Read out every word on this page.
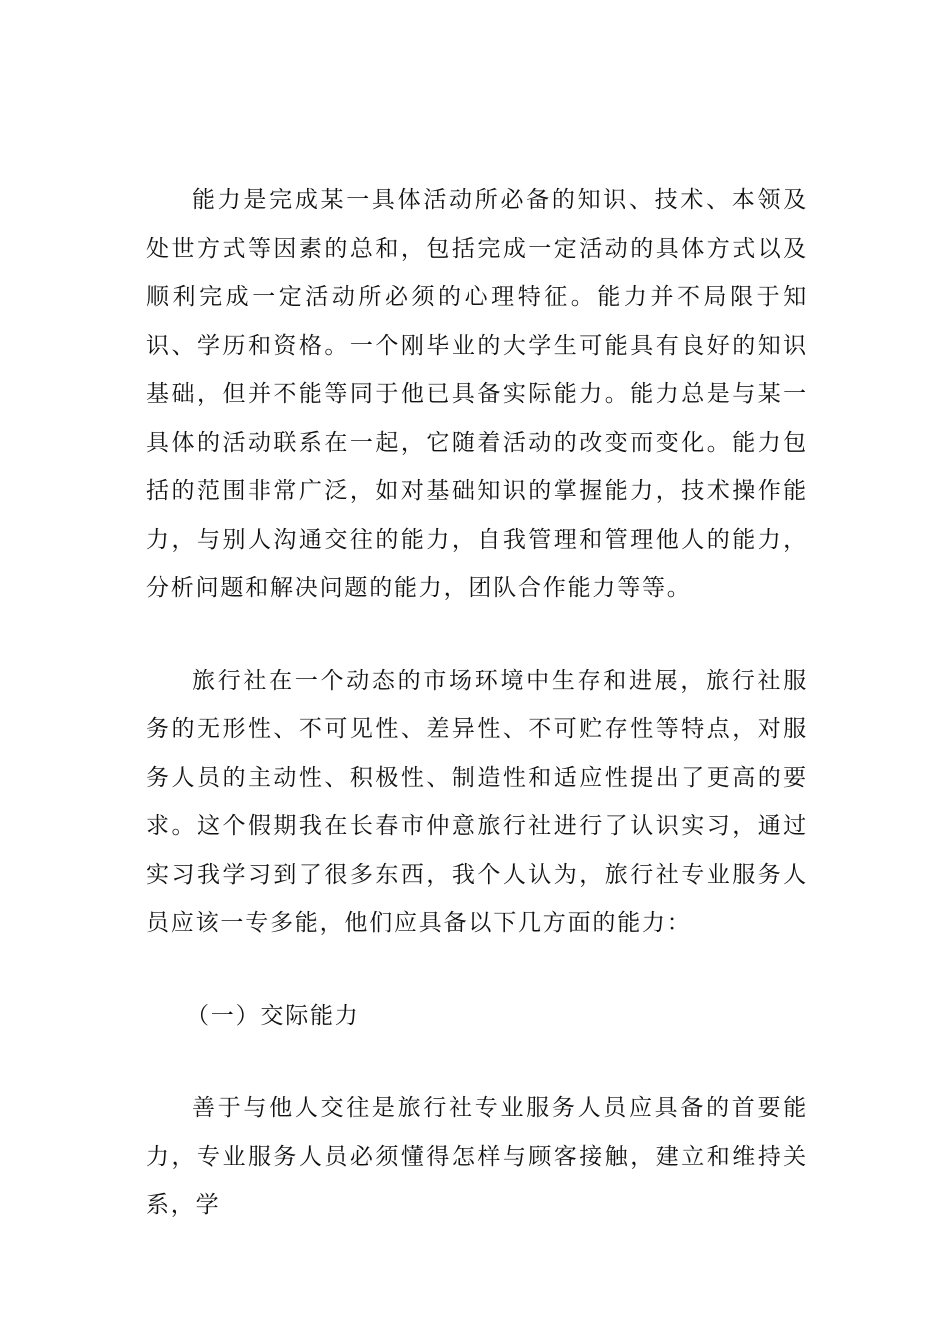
能力是完成某一具体活动所必备的知识、技术、本领及处世方式等因素的总和，包括完成一定活动的具体方式以及顺利完成一定活动所必须的心理特征。能力并不局限于知识、学历和资格。一个刚毕业的大学生可能具有良好的知识基础，但并不能等同于他已具备实际能力。能力总是与某一具体的活动联系在一起，它随着活动的改变而变化。能力包括的范围非常广泛，如对基础知识的掌握能力，技术操作能力，与别人沟通交往的能力，自我管理和管理他人的能力，分析问题和解决问题的能力，团队合作能力等等。

旅行社在一个动态的市场环境中生存和进展，旅行社服务的无形性、不可见性、差异性、不可贮存性等特点，对服务人员的主动性、积极性、制造性和适应性提出了更高的要求。这个假期我在长春市仲意旅行社进行了认识实习，通过实习我学习到了很多东西，我个人认为，旅行社专业服务人员应该一专多能，他们应具备以下几方面的能力：

（一）交际能力

善于与他人交往是旅行社专业服务人员应具备的首要能力，专业服务人员必须懂得怎样与顾客接触，建立和维持关系，学
